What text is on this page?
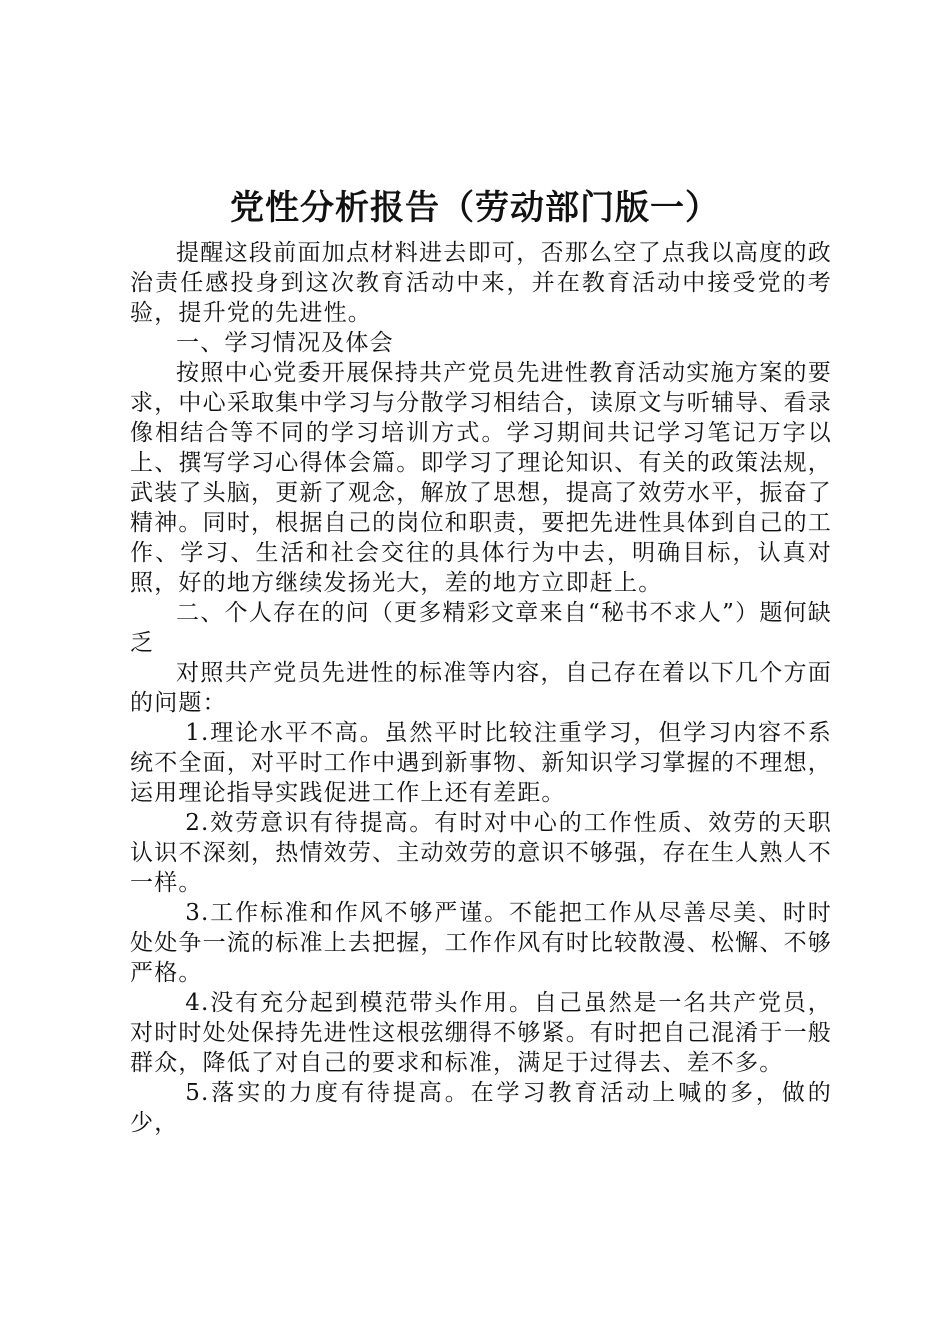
党性分析报告（劳动部门版一）

提醒这段前面加点材料进去即可，否那么空了点我以高度的政治责任感投身到这次教育活动中来，并在教育活动中接受党的考验，提升党的先进性。

一、学习情况及体会

按照中心党委开展保持共产党员先进性教育活动实施方案的要求，中心采取集中学习与分散学习相结合，读原文与听辅导、看录像相结合等不同的学习培训方式。学习期间共记学习笔记万字以上、撰写学习心得体会篇。即学习了理论知识、有关的政策法规，武装了头脑，更新了观念，解放了思想，提高了效劳水平，振奋了精神。同时，根据自己的岗位和职责，要把先进性具体到自己的工作、学习、生活和社会交往的具体行为中去，明确目标，认真对照，好的地方继续发扬光大，差的地方立即赶上。

二、个人存在的问（更多精彩文章来自“秘书不求人”）题何缺乏

对照共产党员先进性的标准等内容，自己存在着以下几个方面的问题：

1.理论水平不高。虽然平时比较注重学习，但学习内容不系统不全面，对平时工作中遇到新事物、新知识学习掌握的不理想，运用理论指导实践促进工作上还有差距。

2.效劳意识有待提高。有时对中心的工作性质、效劳的天职认识不深刻，热情效劳、主动效劳的意识不够强，存在生人熟人不一样。

3.工作标准和作风不够严谨。不能把工作从尽善尽美、时时处处争一流的标准上去把握，工作作风有时比较散漫、松懈、不够严格。

4.没有充分起到模范带头作用。自己虽然是一名共产党员，对时时处处保持先进性这根弦绷得不够紧。有时把自己混淆于一般群众，降低了对自己的要求和标准，满足于过得去、差不多。

5.落实的力度有待提高。在学习教育活动上喊的多，做的少，
